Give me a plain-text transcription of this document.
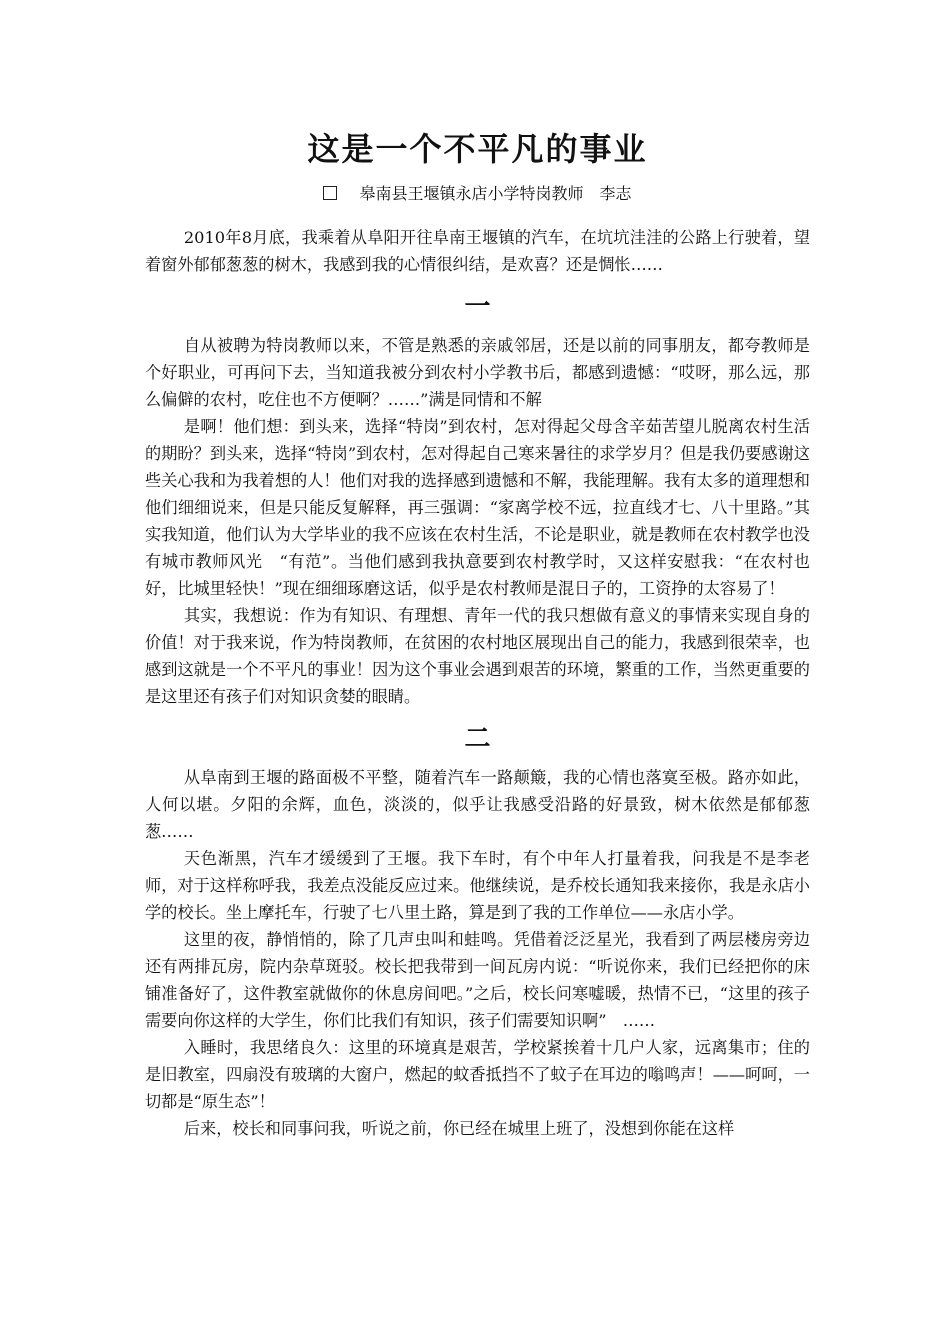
这是一个不平凡的事业
皋南县王堰镇永店小学特岗教师　李志

2010年8月底，我乘着从阜阳开往阜南王堰镇的汽车，在坑坑洼洼的公路上行驶着，望着窗外郁郁葱葱的树木，我感到我的心情很纠结，是欢喜？还是惆怅……

一

自从被聘为特岗教师以来，不管是熟悉的亲戚邻居，还是以前的同事朋友，都夸教师是个好职业，可再问下去，当知道我被分到农村小学教书后，都感到遗憾：“哎呀，那么远，那么偏僻的农村，吃住也不方便啊？……”满是同情和不解

是啊！他们想：到头来，选择“特岗”到农村，怎对得起父母含辛茹苦望儿脱离农村生活的期盼？到头来，选择“特岗”到农村，怎对得起自己寒来暑往的求学岁月？但是我仍要感谢这些关心我和为我着想的人！他们对我的选择感到遗憾和不解，我能理解。我有太多的道理想和他们细细说来，但是只能反复解释，再三强调：“家离学校不远，拉直线才七、八十里路。”其实我知道，他们认为大学毕业的我不应该在农村生活，不论是职业，就是教师在农村教学也没有城市教师风光　“有范”。当他们感到我执意要到农村教学时，又这样安慰我：“在农村也好，比城里轻快！”现在细细琢磨这话，似乎是农村教师是混日子的，工资挣的太容易了！

其实，我想说：作为有知识、有理想、青年一代的我只想做有意义的事情来实现自身的价值！对于我来说，作为特岗教师，在贫困的农村地区展现出自己的能力，我感到很荣幸，也感到这就是一个不平凡的事业！因为这个事业会遇到艰苦的环境，繁重的工作，当然更重要的是这里还有孩子们对知识贪婪的眼睛。

二

从阜南到王堰的路面极不平整，随着汽车一路颠簸，我的心情也落寞至极。路亦如此，人何以堪。夕阳的余辉，血色，淡淡的，似乎让我感受沿路的好景致，树木依然是郁郁葱葱……

天色渐黑，汽车才缓缓到了王堰。我下车时，有个中年人打量着我，问我是不是李老师，对于这样称呼我，我差点没能反应过来。他继续说，是乔校长通知我来接你，我是永店小学的校长。坐上摩托车，行驶了七八里土路，算是到了我的工作单位——永店小学。

这里的夜，静悄悄的，除了几声虫叫和蛙鸣。凭借着泛泛星光，我看到了两层楼房旁边还有两排瓦房，院内杂草斑驳。校长把我带到一间瓦房内说：“听说你来，我们已经把你的床铺准备好了，这件教室就做你的休息房间吧。”之后，校长问寒嘘暖，热情不已，“这里的孩子需要向你这样的大学生，你们比我们有知识，孩子们需要知识啊”　……

入睡时，我思绪良久：这里的环境真是艰苦，学校紧挨着十几户人家，远离集市；住的是旧教室，四扇没有玻璃的大窗户，燃起的蚊香抵挡不了蚊子在耳边的嗡鸣声！——呵呵，一切都是“原生态”！

后来，校长和同事问我，听说之前，你已经在城里上班了，没想到你能在这样
